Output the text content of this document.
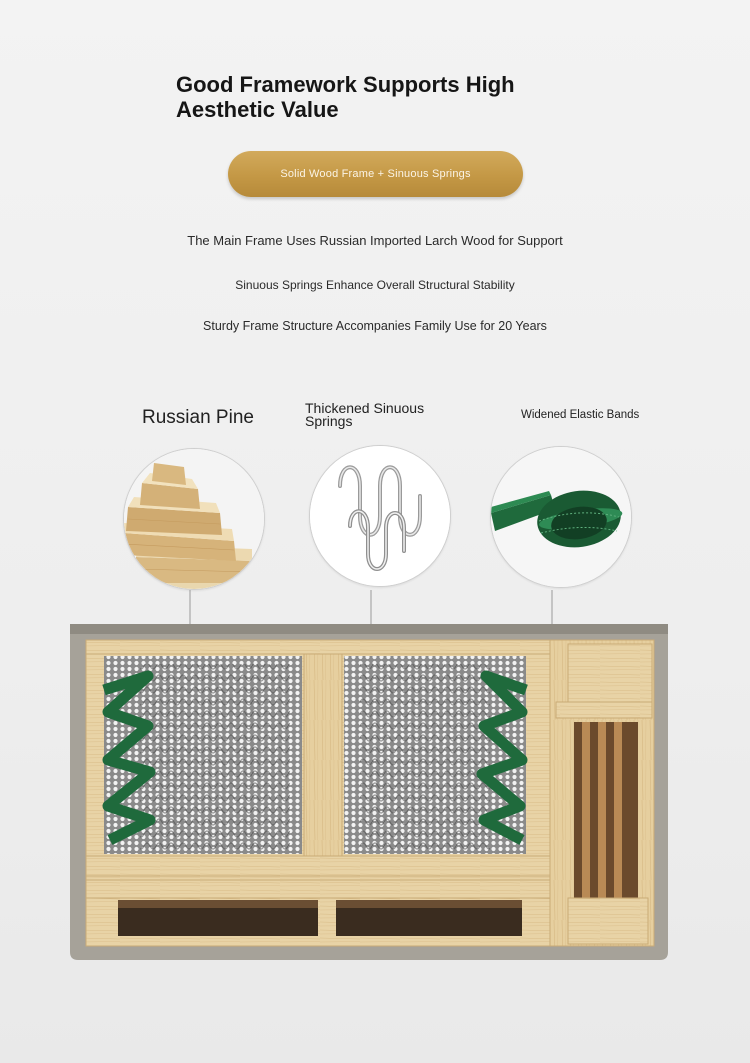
Good Framework Supports High Aesthetic Value
Solid Wood Frame + Sinuous Springs
The Main Frame Uses Russian Imported Larch Wood for Support
Sinuous Springs Enhance Overall Structural Stability
Sturdy Frame Structure Accompanies Family Use for 20 Years
Russian Pine	Thickened Sinuous Springs	Widened Elastic Bands
